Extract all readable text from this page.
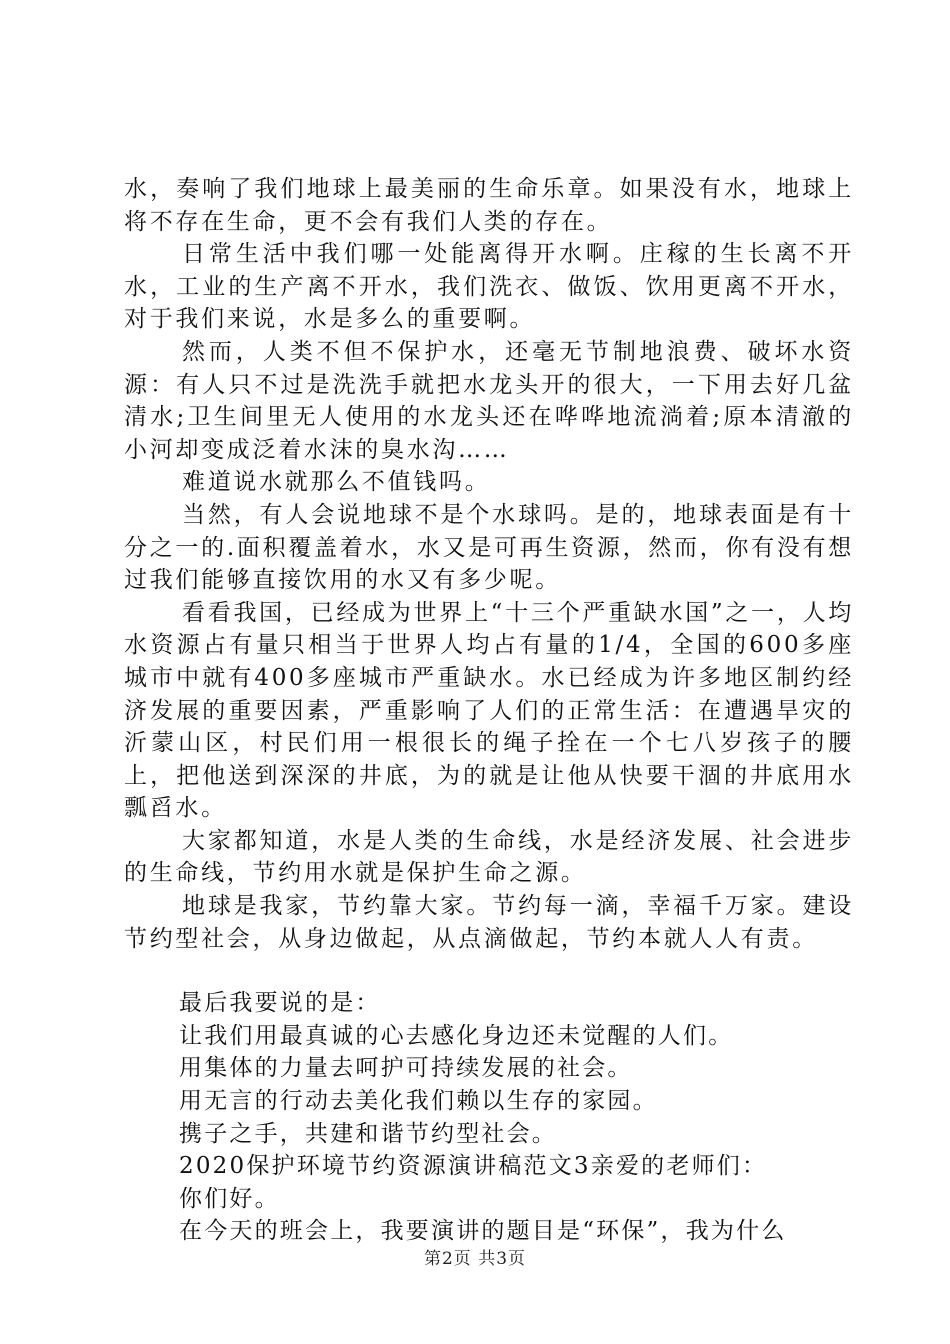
水，奏响了我们地球上最美丽的生命乐章。如果没有水，地球上将不存在生命，更不会有我们人类的存在。

日常生活中我们哪一处能离得开水啊。庄稼的生长离不开水，工业的生产离不开水，我们洗衣、做饭、饮用更离不开水，对于我们来说，水是多么的重要啊。

然而，人类不但不保护水，还毫无节制地浪费、破坏水资源：有人只不过是洗洗手就把水龙头开的很大，一下用去好几盆清水;卫生间里无人使用的水龙头还在哗哗地流淌着;原本清澈的小河却变成泛着水沫的臭水沟……

难道说水就那么不值钱吗。

当然，有人会说地球不是个水球吗。是的，地球表面是有十分之一的.面积覆盖着水，水又是可再生资源，然而，你有没有想过我们能够直接饮用的水又有多少呢。

看看我国，已经成为世界上“十三个严重缺水国”之一，人均水资源占有量只相当于世界人均占有量的1/4，全国的600多座城市中就有400多座城市严重缺水。水已经成为许多地区制约经济发展的重要因素，严重影响了人们的正常生活：在遭遇旱灾的沂蒙山区，村民们用一根很长的绳子拴在一个七八岁孩子的腰上，把他送到深深的井底，为的就是让他从快要干涸的井底用水瓢舀水。

大家都知道，水是人类的生命线，水是经济发展、社会进步的生命线，节约用水就是保护生命之源。

地球是我家，节约靠大家。节约每一滴，幸福千万家。建设节约型社会，从身边做起，从点滴做起，节约本就人人有责。

最后我要说的是：

让我们用最真诚的心去感化身边还未觉醒的人们。

用集体的力量去呵护可持续发展的社会。

用无言的行动去美化我们赖以生存的家园。

携子之手，共建和谐节约型社会。

2020保护环境节约资源演讲稿范文3亲爱的老师们：

你们好。

在今天的班会上，我要演讲的题目是“环保”，我为什么

第2页 共3页
